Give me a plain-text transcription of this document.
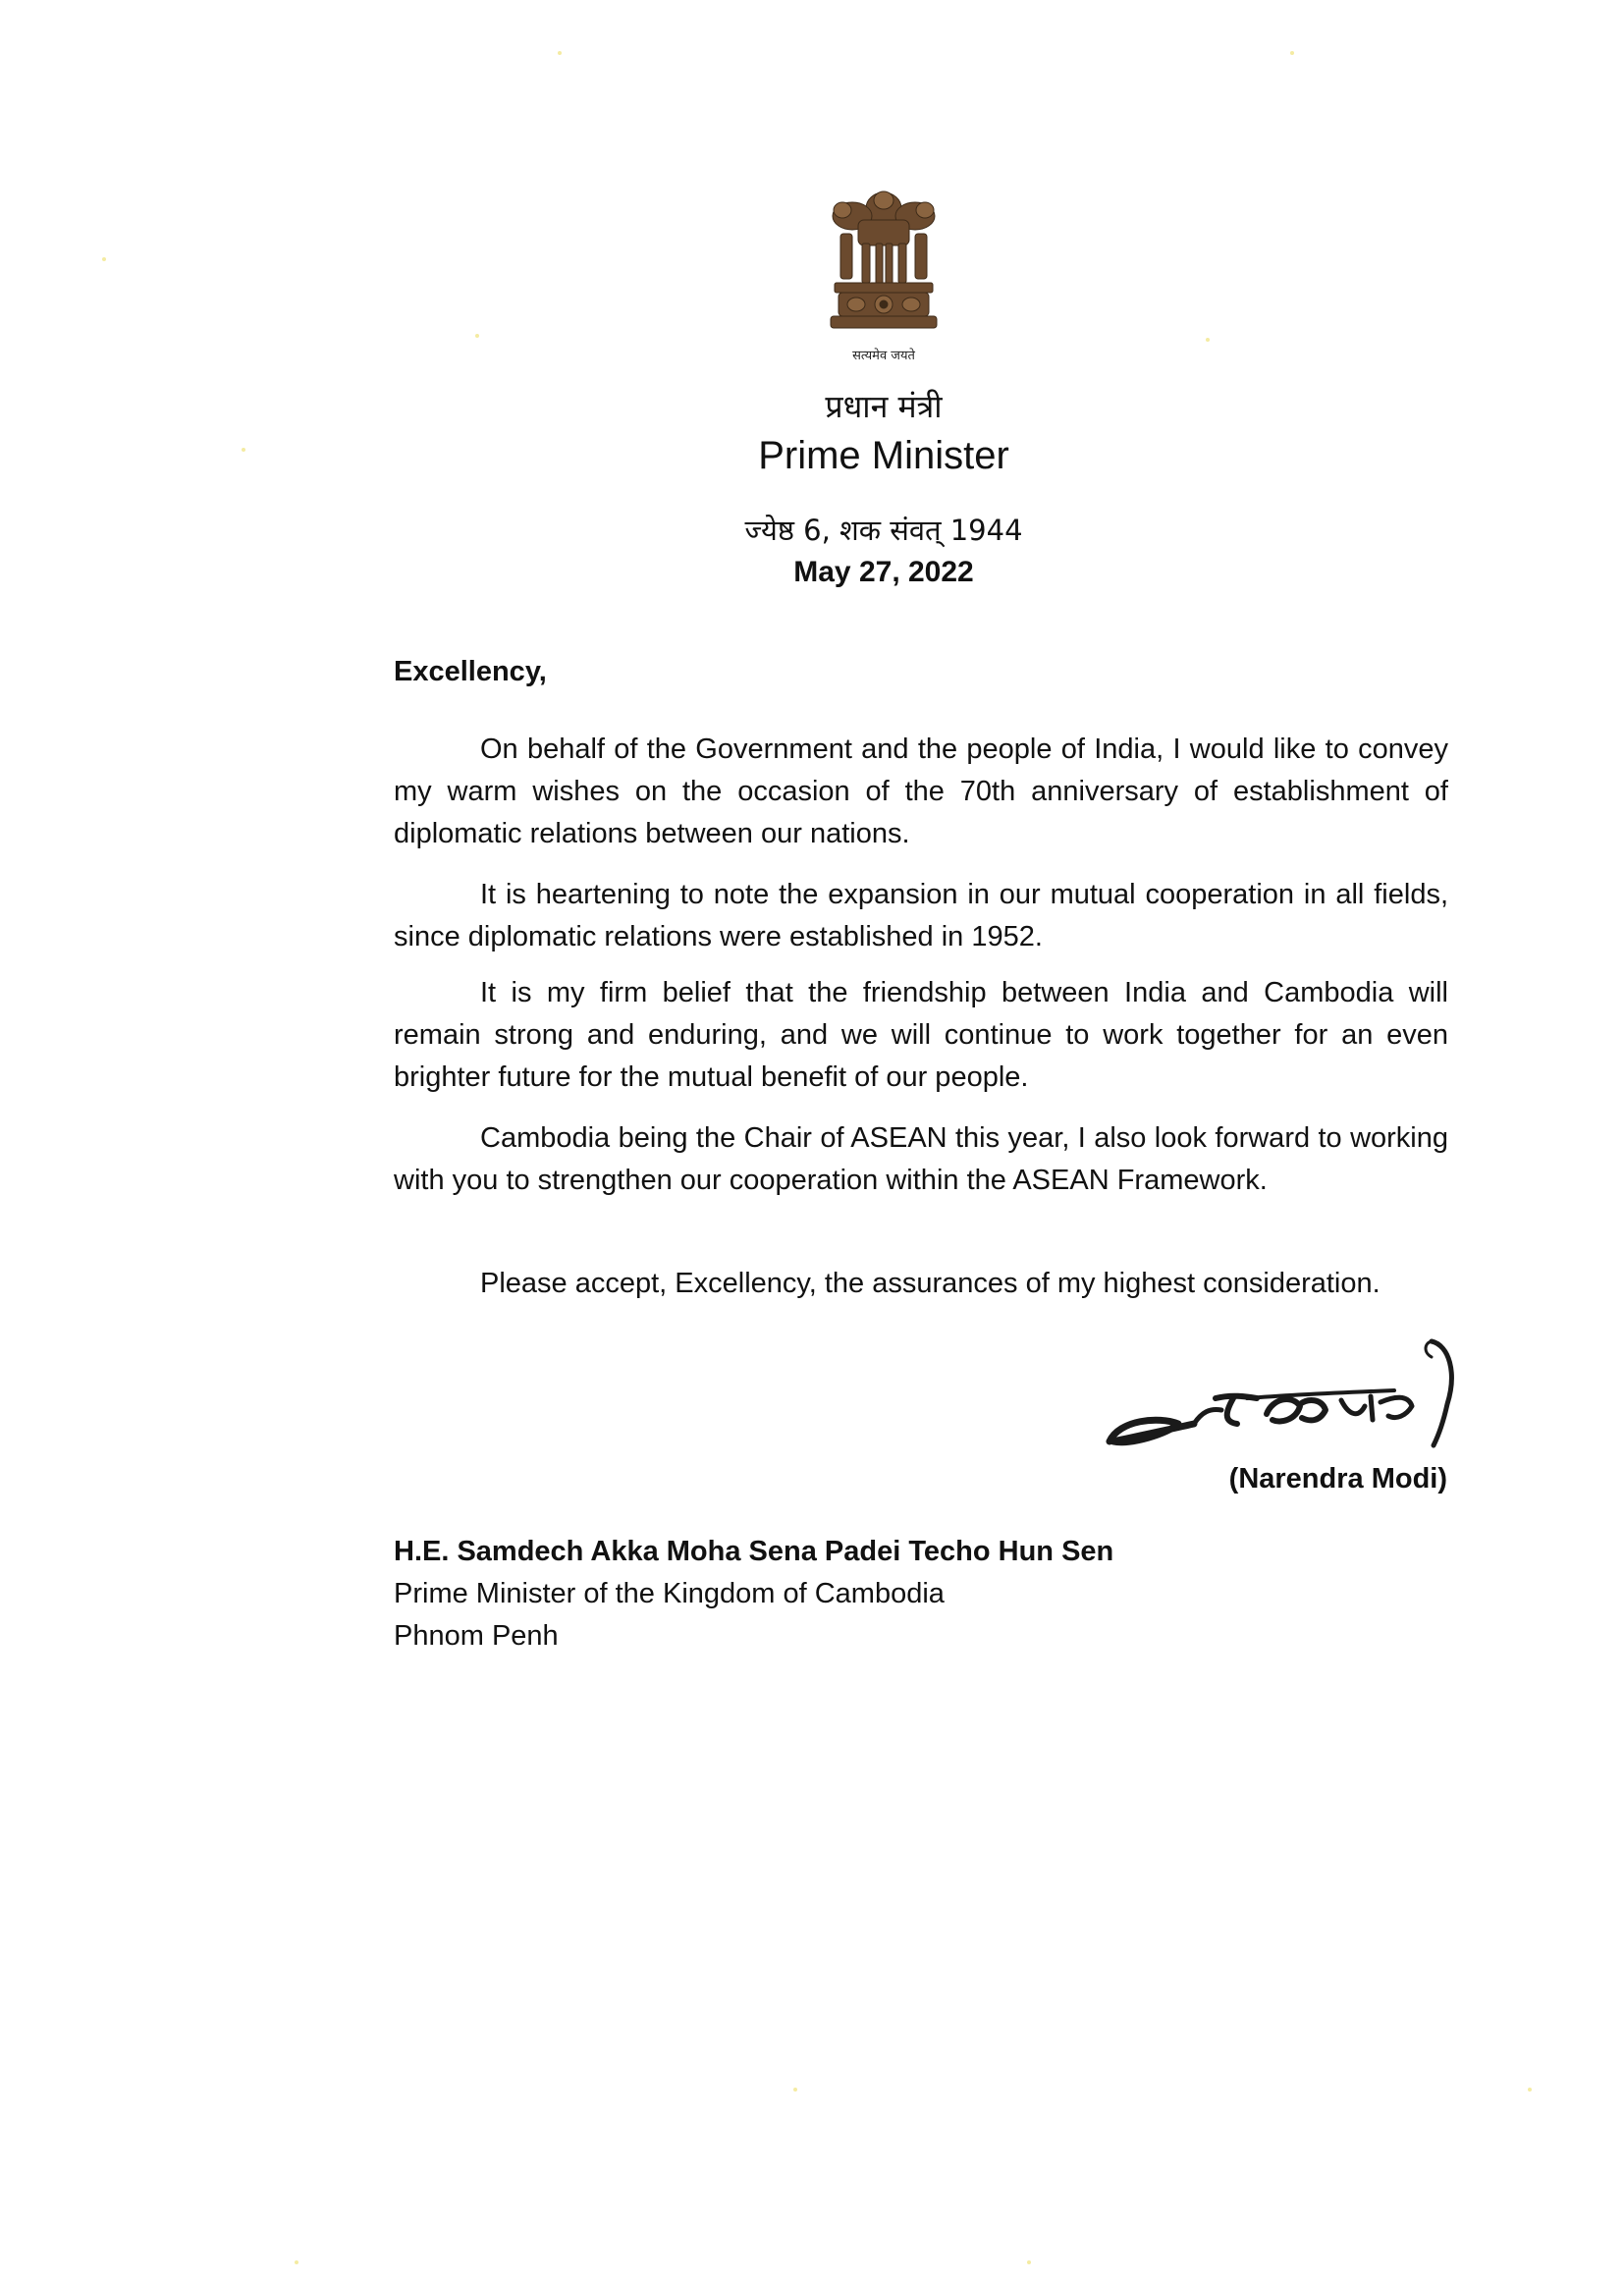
सत्यमेव जयते
प्रधान मंत्री
Prime Minister
ज्येष्ठ 6, शक संवत् 1944
May 27, 2022
Excellency,

On behalf of the Government and the people of India, I would like to convey my warm wishes on the occasion of the 70th anniversary of establishment of diplomatic relations between our nations.

It is heartening to note the expansion in our mutual cooperation in all fields, since diplomatic relations were established in 1952.

It is my firm belief that the friendship between India and Cambodia will remain strong and enduring, and we will continue to work together for an even brighter future for the mutual benefit of our people.

Cambodia being the Chair of ASEAN this year, I also look forward to working with you to strengthen our cooperation within the ASEAN Framework.

Please accept, Excellency, the assurances of my highest consideration.

(Narendra Modi)
H.E. Samdech Akka Moha Sena Padei Techo Hun Sen
Prime Minister of the Kingdom of Cambodia
Phnom Penh
